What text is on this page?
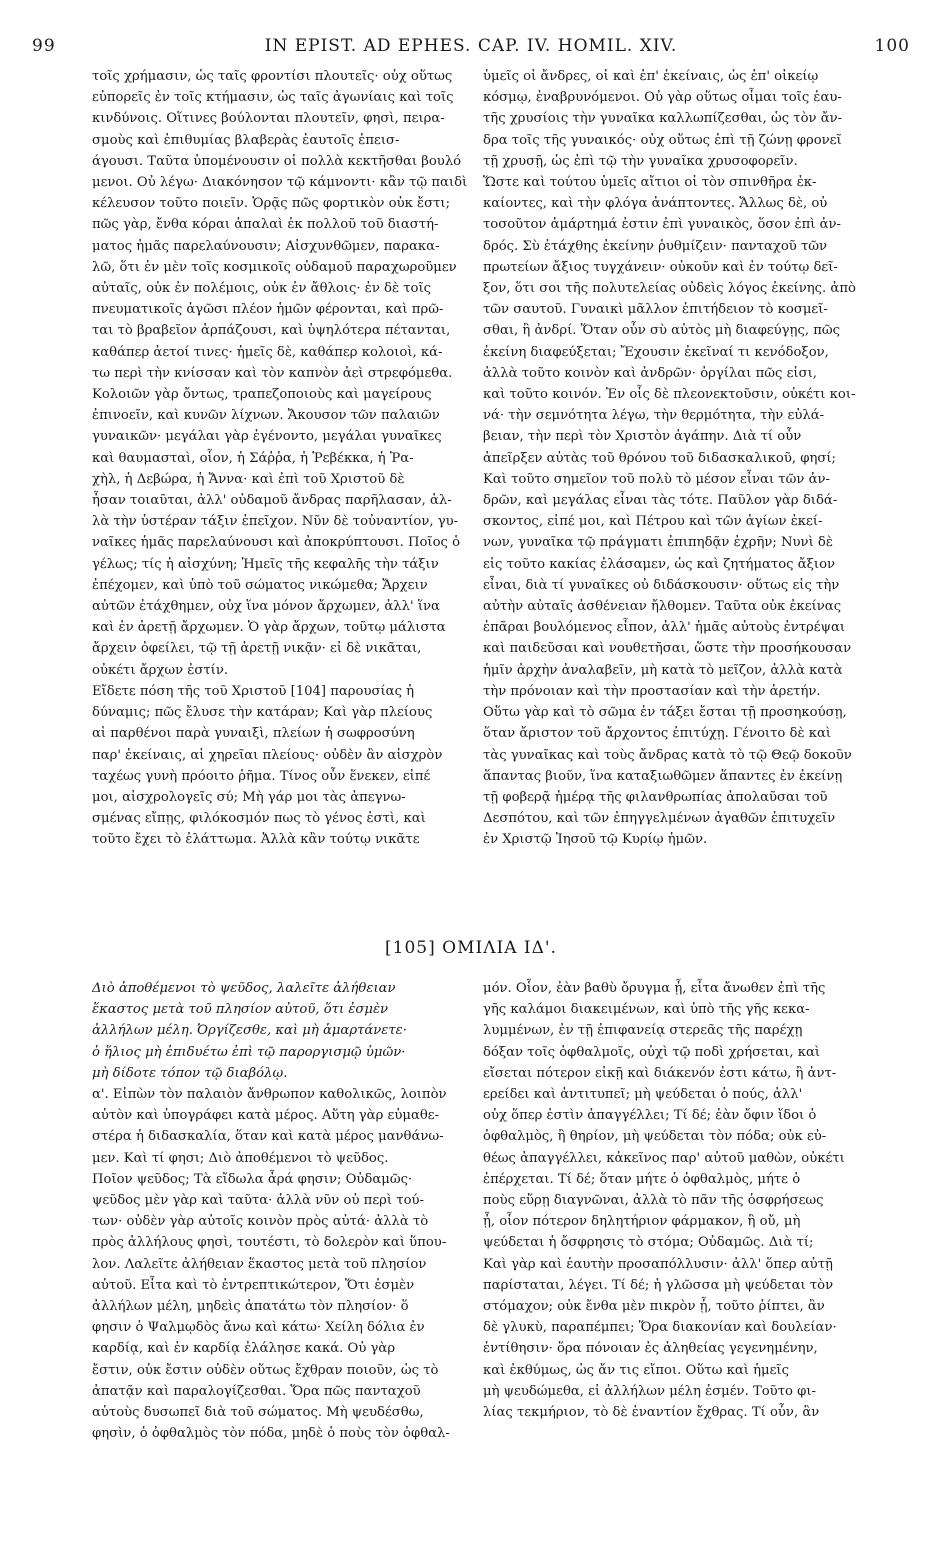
99	IN EPIST. AD EPHES. CAP. IV. HOMIL. XIV.	100
τοῖς χρήμασιν, ὡς ταῖς φροντίσι πλουτεῖς· οὐχ οὕτως
εὐπορεῖς ἐν τοῖς κτήμασιν, ὡς ταῖς ἀγωνίαις καὶ τοῖς
κινδύνοις. Οἵτινες βούλονται πλουτεῖν, φησὶ, πειρα-
σμοὺς καὶ ἐπιθυμίας βλαβερὰς ἑαυτοῖς ἐπεισ-
άγουσι. Ταῦτα ὑπομένουσιν οἱ πολλὰ κεκτῆσθαι βουλό
μενοι. Οὐ λέγω· Διακόνησον τῷ κάμνοντι· κἂν τῷ παιδὶ
κέλευσον τοῦτο ποιεῖν. Ὁρᾷς πῶς φορτικὸν οὐκ ἔστι;
πῶς γὰρ, ἔνθα κόραι ἁπαλαὶ ἐκ πολλοῦ τοῦ διαστή-
ματος ἡμᾶς παρελαύνουσιν; Αἰσχυνθῶμεν, παρακα-
λῶ, ὅτι ἐν μὲν τοῖς κοσμικοῖς οὐδαμοῦ παραχωροῦμεν
αὐταῖς, οὐκ ἐν πολέμοις, οὐκ ἐν ἄθλοις· ἐν δὲ τοῖς
πνευματικοῖς ἀγῶσι πλέον ἡμῶν φέρονται, καὶ πρῶ-
ται τὸ βραβεῖον ἁρπάζουσι, καὶ ὑψηλότερα πέτανται,
καθάπερ ἀετοί τινες· ἡμεῖς δὲ, καθάπερ κολοιοὶ, κά-
τω περὶ τὴν κνίσσαν καὶ τὸν καπνὸν ἀεὶ στρεφόμεθα.
Κολοιῶν γὰρ ὄντως, τραπεζοποιοὺς καὶ μαγείρους
ἐπινοεῖν, καὶ κυνῶν λίχνων. Ἄκουσον τῶν παλαιῶν
γυναικῶν· μεγάλαι γὰρ ἐγένοντο, μεγάλαι γυναῖκες
καὶ θαυμασταὶ, οἷον, ἡ Σάῤῥα, ἡ Ῥεβέκκα, ἡ Ῥα-
χὴλ, ἡ Δεβώρα, ἡ Ἄννα· καὶ ἐπὶ τοῦ Χριστοῦ δὲ
ἦσαν τοιαῦται, ἀλλ' οὐδαμοῦ ἄνδρας παρῆλασαν, ἀλ-
λὰ τὴν ὑστέραν τάξιν ἐπεῖχον. Νῦν δὲ τοὐναντίον, γυ-
ναῖκες ἡμᾶς παρελαύνουσι καὶ ἀποκρύπτουσι. Ποῖος ὁ
γέλως; τίς ἡ αἰσχύνη; Ἡμεῖς τῆς κεφαλῆς τὴν τάξιν
ἐπέχομεν, καὶ ὑπὸ τοῦ σώματος νικώμεθα; Ἄρχειν
αὐτῶν ἐτάχθημεν, οὐχ ἵνα μόνον ἄρχωμεν, ἀλλ' ἵνα
καὶ ἐν ἀρετῇ ἄρχωμεν. Ὁ γὰρ ἄρχων, τοῦτῳ μάλιστα
ἄρχειν ὀφείλει, τῷ τῇ ἀρετῇ νικᾷν· εἰ δὲ νικᾶται,
οὐκέτι ἄρχων ἐστίν.
Εἴδετε πόση τῆς τοῦ Χριστοῦ [104] παρουσίας ἡ
δύναμις; πῶς ἔλυσε τὴν κατάραν; Καὶ γὰρ πλείους
αἱ παρθένοι παρὰ γυναιξὶ, πλείων ἡ σωφροσύνη
παρ' ἐκείναις, αἱ χηρεῖαι πλείους· οὐδὲν ἂν αἰσχρὸν
ταχέως γυνὴ πρόοιτο ῥῆμα. Τίνος οὖν ἕνεκεν, εἰπέ
μοι, αἰσχρολογεῖς σύ; Μὴ γάρ μοι τὰς ἀπεγνω-
σμένας εἴπῃς, φιλόκοσμόν πως τὸ γένος ἐστὶ, καὶ
τοῦτο ἔχει τὸ ἐλάττωμα. Ἀλλὰ κἂν τούτῳ νικᾶτε
ὑμεῖς οἱ ἄνδρες, οἱ καὶ ἐπ' ἐκείναις, ὡς ἐπ' οἰκείῳ
κόσμῳ, ἐναβρυνόμενοι. Οὐ γὰρ οὕτως οἶμαι τοῖς ἑαυ-
τῆς χρυσίοις τὴν γυναῖκα καλλωπίζεσθαι, ὡς τὸν ἄν-
δρα τοῖς τῆς γυναικός· οὐχ οὕτως ἐπὶ τῇ ζώνῃ φρονεῖ
τῇ χρυσῇ, ὡς ἐπὶ τῷ τὴν γυναῖκα χρυσοφορεῖν.
Ὥστε καὶ τούτου ὑμεῖς αἴτιοι οἱ τὸν σπινθῆρα ἐκ-
καίοντες, καὶ τὴν φλόγα ἀνάπτοντες. Ἄλλως δὲ, οὐ
τοσοῦτον ἁμάρτημά ἐστιν ἐπὶ γυναικὸς, ὅσον ἐπὶ ἀν-
δρός. Σὺ ἐτάχθης ἐκείνην ῥυθμίζειν· πανταχοῦ τῶν
πρωτείων ἄξιος τυγχάνειν· οὐκοῦν καὶ ἐν τούτῳ δεῖ-
ξον, ὅτι σοι τῆς πολυτελείας οὐδεὶς λόγος ἐκείνης. ἀπὸ
τῶν σαυτοῦ. Γυναικὶ μᾶλλον ἐπιτήδειον τὸ κοσμεῖ-
σθαι, ἢ ἀνδρί. Ὅταν οὖν σὺ αὐτὸς μὴ διαφεύγῃς, πῶς
ἐκείνη διαφεύξεται; Ἔχουσιν ἐκεῖναί τι κενόδοξον,
ἀλλὰ τοῦτο κοινὸν καὶ ἀνδρῶν· ὀργίλαι πῶς εἰσι,
καὶ τοῦτο κοινόν. Ἐν οἷς δὲ πλεονεκτοῦσιν, οὐκέτι κοι-
νά· τὴν σεμνότητα λέγω, τὴν θερμότητα, τὴν εὐλά-
βειαν, τὴν περὶ τὸν Χριστὸν ἀγάπην. Διὰ τί οὖν
ἀπεῖρξεν αὐτὰς τοῦ θρόνου τοῦ διδασκαλικοῦ, φησί;
Καὶ τοῦτο σημεῖον τοῦ πολὺ τὸ μέσον εἶναι τῶν ἀν-
δρῶν, καὶ μεγάλας εἶναι τὰς τότε. Παῦλον γὰρ διδά-
σκοντος, εἰπέ μοι, καὶ Πέτρου καὶ τῶν ἁγίων ἐκεί-
νων, γυναῖκα τῷ πράγματι ἐπιπηδᾷν ἐχρῆν; Νυνὶ δὲ
εἰς τοῦτο κακίας ἐλάσαμεν, ὡς καὶ ζητήματος ἄξιον
εἶναι, διὰ τί γυναῖκες οὐ διδάσκουσιν· οὕτως εἰς τὴν
αὐτὴν αὐταῖς ἀσθένειαν ἤλθομεν. Ταῦτα οὐκ ἐκείνας
ἐπᾶραι βουλόμενος εἶπον, ἀλλ' ἡμᾶς αὐτοὺς ἐντρέψαι
καὶ παιδεῦσαι καὶ νουθετῆσαι, ὥστε τὴν προσήκουσαν
ἡμῖν ἀρχὴν ἀναλαβεῖν, μὴ κατὰ τὸ μεῖζον, ἀλλὰ κατὰ
τὴν πρόνοιαν καὶ τὴν προστασίαν καὶ τὴν ἀρετήν.
Οὕτω γὰρ καὶ τὸ σῶμα ἐν τάξει ἔσται τῇ προσηκούσῃ,
ὅταν ἄριστον τοῦ ἄρχοντος ἐπιτύχῃ. Γένοιτο δὲ καὶ
τὰς γυναῖκας καὶ τοὺς ἄνδρας κατὰ τὸ τῷ Θεῷ δοκοῦν
ἅπαντας βιοῦν, ἵνα καταξιωθῶμεν ἅπαντες ἐν ἐκείνῃ
τῇ φοβερᾷ ἡμέρᾳ τῆς φιλανθρωπίας ἀπολαῦσαι τοῦ
Δεσπότου, καὶ τῶν ἐπηγγελμένων ἀγαθῶν ἐπιτυχεῖν
ἐν Χριστῷ Ἰησοῦ τῷ Κυρίῳ ἡμῶν.
[105] ΟΜΙΛΙΑ ΙΔ'.
Διὸ ἀποθέμενοι τὸ ψεῦδος, λαλεῖτε ἀλήθειαν
ἕκαστος μετὰ τοῦ πλησίον αὐτοῦ, ὅτι ἐσμὲν
ἀλλήλων μέλη. Ὀργίζεσθε, καὶ μὴ ἁμαρτάνετε·
ὁ ἥλιος μὴ ἐπιδυέτω ἐπὶ τῷ παροργισμῷ ὑμῶν·
μὴ δίδοτε τόπον τῷ διαβόλῳ.
α'. Εἰπὼν τὸν παλαιὸν ἄνθρωπον καθολικῶς, λοιπὸν
αὐτὸν καὶ ὑπογράφει κατὰ μέρος. Αὕτη γὰρ εὐμαθε-
στέρα ἡ διδασκαλία, ὅταν καὶ κατὰ μέρος μανθάνω-
μεν. Καὶ τί φησι; Διὸ ἀποθέμενοι τὸ ψεῦδος.
Ποῖον ψεῦδος; Τὰ εἴδωλα ἆρά φησιν; Οὐδαμῶς·
ψεῦδος μὲν γὰρ καὶ ταῦτα· ἀλλὰ νῦν οὐ περὶ τού-
των· οὐδὲν γὰρ αὐτοῖς κοινὸν πρὸς αὐτά· ἀλλὰ τὸ
πρὸς ἀλλήλους φησὶ, τουτέστι, τὸ δολερὸν καὶ ὕπου-
λον. Λαλεῖτε ἀλήθειαν ἕκαστος μετὰ τοῦ πλησίον
αὐτοῦ. Εἶτα καὶ τὸ ἐντρεπτικώτερον, Ὅτι ἐσμὲν
ἀλλήλων μέλη, μηδεὶς ἀπατάτω τὸν πλησίον· ὅ
φησιν ὁ Ψαλμῳδὸς ἄνω καὶ κάτω· Χείλη δόλια ἐν
καρδίᾳ, καὶ ἐν καρδίᾳ ἐλάλησε κακά. Οὐ γὰρ
ἔστιν, οὐκ ἔστιν οὐδὲν οὕτως ἔχθραν ποιοῦν, ὡς τὸ
ἀπατᾷν καὶ παραλογίζεσθαι. Ὅρα πῶς πανταχοῦ
αὐτοὺς δυσωπεῖ διὰ τοῦ σώματος. Μὴ ψευδέσθω,
φησὶν, ὁ ὀφθαλμὸς τὸν πόδα, μηδὲ ὁ ποὺς τὸν ὀφθαλ-
μόν. Οἷον, ἐὰν βαθὺ ὄρυγμα ᾖ, εἶτα ἄνωθεν ἐπὶ τῆς
γῆς καλάμοι διακειμένων, καὶ ὑπὸ τῆς γῆς κεκα-
λυμμένων, ἐν τῇ ἐπιφανείᾳ στερεᾶς τῆς παρέχῃ
δόξαν τοῖς ὀφθαλμοῖς, οὐχὶ τῷ ποδὶ χρήσεται, καὶ
εἴσεται πότερον εἰκῇ καὶ διάκενόν ἐστι κάτω, ἢ ἀντ-
ερείδει καὶ ἀντιτυπεῖ; μὴ ψεύδεται ὁ πούς, ἀλλ'
οὐχ ὅπερ ἐστὶν ἀπαγγέλλει; Τί δέ; ἐὰν ὄφιν ἴδοι ὁ
ὀφθαλμὸς, ἢ θηρίον, μὴ ψεύδεται τὸν πόδα; οὐκ εὐ-
θέως ἀπαγγέλλει, κἀκεῖνος παρ' αὐτοῦ μαθὼν, οὐκέτι
ἐπέρχεται. Τί δέ; ὅταν μήτε ὁ ὀφθαλμὸς, μήτε ὁ
ποὺς εὕρῃ διαγνῶναι, ἀλλὰ τὸ πᾶν τῆς ὀσφρήσεως
ᾖ, οἷον πότερον δηλητήριον φάρμακον, ἢ οὔ, μὴ
ψεύδεται ἡ ὄσφρησις τὸ στόμα; Οὐδαμῶς. Διὰ τί;
Καὶ γὰρ καὶ ἑαυτὴν προσαπόλλυσιν· ἀλλ' ὅπερ αὐτῇ
παρίσταται, λέγει. Τί δέ; ἡ γλῶσσα μὴ ψεύδεται τὸν
στόμαχον; οὐκ ἔνθα μὲν πικρὸν ᾖ, τοῦτο ῥίπτει, ἂν
δὲ γλυκὺ, παραπέμπει; Ὅρα διακονίαν καὶ δουλείαν·
ἐντίθησιν· ὅρα πόνοιαν ἐς ἀληθείας γεγενημένην,
καὶ ἐκθύμως, ὡς ἄν τις εἴποι. Οὕτω καὶ ἡμεῖς
μὴ ψευδώμεθα, εἰ ἀλλήλων μέλη ἐσμέν. Τοῦτο φι-
λίας τεκμήριον, τὸ δὲ ἐναντίον ἔχθρας. Τί οὖν, ἂν
